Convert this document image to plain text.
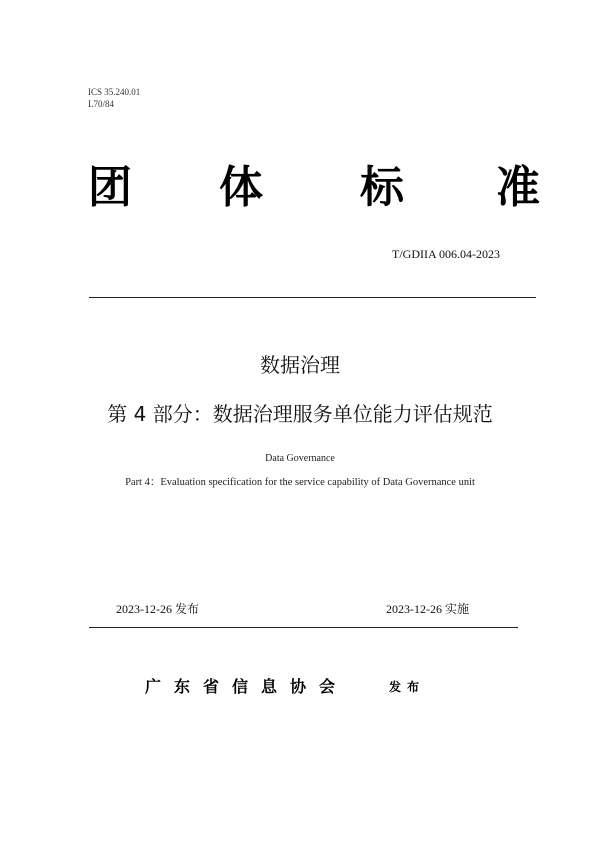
ICS 35.240.01
L70/84
团 体 标 准
T/GDIIA 006.04-2023
数据治理
第 4 部分：数据治理服务单位能力评估规范
Data Governance
Part 4：Evaluation specification for the service capability of Data Governance unit
2023-12-26 发布	2023-12-26 实施
广东省信息协会	发布
